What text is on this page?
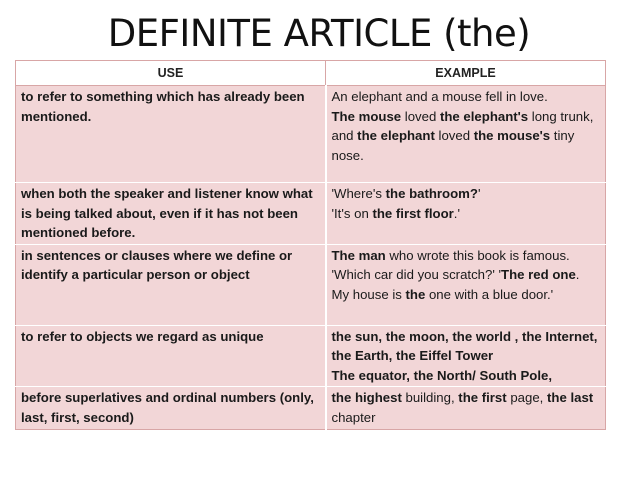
DEFINITE ARTICLE (the)
USE	EXAMPLE
to refer to something which has already been mentioned.	An elephant and a mouse fell in love.
The mouse loved the elephant's long trunk,
and the elephant loved the mouse's tiny nose.

when both the speaker and listener know what is being talked about, even if it has not been mentioned before.	'Where's the bathroom?'
'It's on the first floor.'

in sentences or clauses where we define or identify a particular person or object	The man who wrote this book is famous.
'Which car did you scratch?' 'The red one.
My house is the one with a blue door.'

to refer to objects we regard as unique	the sun, the moon, the world , the Internet, the Earth, the Eiffel Tower
The equator, the North/ South Pole,

before superlatives and ordinal numbers (only, last, first, second)	the highest building, the first page, the last chapter
